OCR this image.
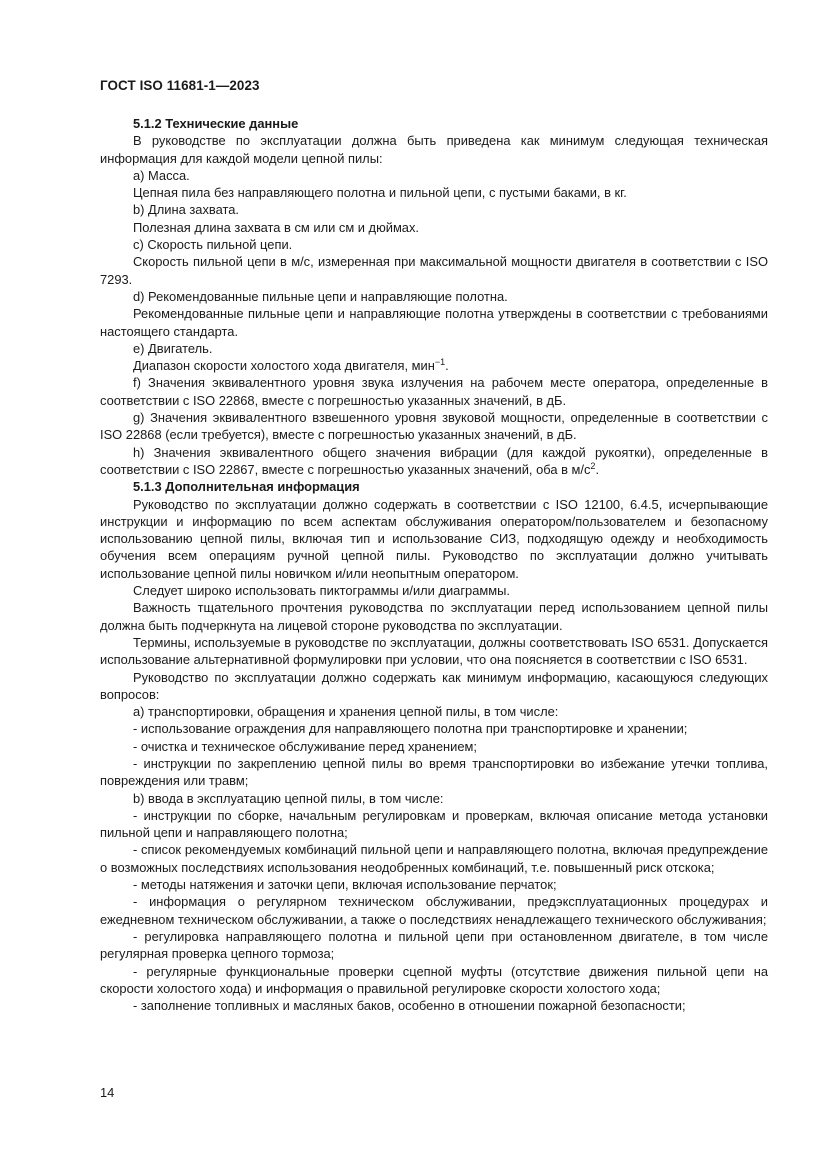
ГОСТ ISO 11681-1—2023

5.1.2 Технические данные

В руководстве по эксплуатации должна быть приведена как минимум следующая техническая информация для каждой модели цепной пилы:

a) Масса.

Цепная пила без направляющего полотна и пильной цепи, с пустыми баками, в кг.

b) Длина захвата.

Полезная длина захвата в см или см и дюймах.

c) Скорость пильной цепи.

Скорость пильной цепи в м/с, измеренная при максимальной мощности двигателя в соответствии с ISO 7293.

d) Рекомендованные пильные цепи и направляющие полотна.

Рекомендованные пильные цепи и направляющие полотна утверждены в соответствии с требованиями настоящего стандарта.

e) Двигатель.

Диапазон скорости холостого хода двигателя, мин$^{-1}$.

f) Значения эквивалентного уровня звука излучения на рабочем месте оператора, определенные в соответствии с ISO 22868, вместе с погрешностью указанных значений, в дБ.

g) Значения эквивалентного взвешенного уровня звуковой мощности, определенные в соответствии с ISO 22868 (если требуется), вместе с погрешностью указанных значений, в дБ.

h) Значения эквивалентного общего значения вибрации (для каждой рукоятки), определенные в соответствии с ISO 22867, вместе с погрешностью указанных значений, оба в $м/с^2$.

5.1.3 Дополнительная информация

Руководство по эксплуатации должно содержать в соответствии с ISO 12100, 6.4.5, исчерпывающие инструкции и информацию по всем аспектам обслуживания оператором/пользователем и безопасному использованию цепной пилы, включая тип и использование СИЗ, подходящую одежду и необходимость обучения всем операциям ручной цепной пилы. Руководство по эксплуатации должно учитывать использование цепной пилы новичком и/или неопытным оператором.

Следует широко использовать пиктограммы и/или диаграммы.

Важность тщательного прочтения руководства по эксплуатации перед использованием цепной пилы должна быть подчеркнута на лицевой стороне руководства по эксплуатации.

Термины, используемые в руководстве по эксплуатации, должны соответствовать ISO 6531. Допускается использование альтернативной формулировки при условии, что она поясняется в соответствии с ISO 6531.

Руководство по эксплуатации должно содержать как минимум информацию, касающуюся следующих вопросов:

a) транспортировки, обращения и хранения цепной пилы, в том числе:

- использование ограждения для направляющего полотна при транспортировке и хранении;

- очистка и техническое обслуживание перед хранением;

- инструкции по закреплению цепной пилы во время транспортировки во избежание утечки топлива, повреждения или травм;

b) ввода в эксплуатацию цепной пилы, в том числе:

- инструкции по сборке, начальным регулировкам и проверкам, включая описание метода установки пильной цепи и направляющего полотна;

- список рекомендуемых комбинаций пильной цепи и направляющего полотна, включая предупреждение о возможных последствиях использования неодобренных комбинаций, т.е. повышенный риск отскока;

- методы натяжения и заточки цепи, включая использование перчаток;

- информация о регулярном техническом обслуживании, предэксплуатационных процедурах и ежедневном техническом обслуживании, а также о последствиях ненадлежащего технического обслуживания;

- регулировка направляющего полотна и пильной цепи при остановленном двигателе, в том числе регулярная проверка цепного тормоза;

- регулярные функциональные проверки сцепной муфты (отсутствие движения пильной цепи на скорости холостого хода) и информация о правильной регулировке скорости холостого хода;

- заполнение топливных и масляных баков, особенно в отношении пожарной безопасности;

14
